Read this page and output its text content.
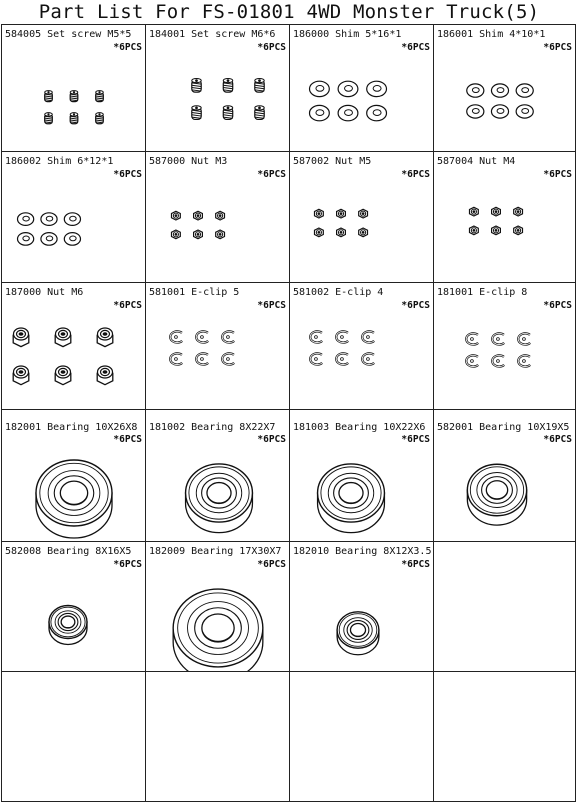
Part List For FS-01801 4WD Monster Truck(5)
584005 Set screw M5*5
*6PCS
184001 Set screw M6*6
*6PCS
186000 Shim 5*16*1
*6PCS
186001 Shim 4*10*1
*6PCS
186002 Shim 6*12*1
*6PCS
587000 Nut M3
*6PCS
587002 Nut M5
*6PCS
587004 Nut M4
*6PCS
187000 Nut M6
*6PCS
581001 E-clip 5
*6PCS
581002 E-clip 4
*6PCS
181001 E-clip 8
*6PCS
182001 Bearing 10X26X8
*6PCS
181002 Bearing 8X22X7
*6PCS
181003 Bearing 10X22X6
*6PCS
582001 Bearing 10X19X5
*6PCS
582008 Bearing 8X16X5
*6PCS
182009 Bearing 17X30X7
*6PCS
182010 Bearing 8X12X3.5
*6PCS
